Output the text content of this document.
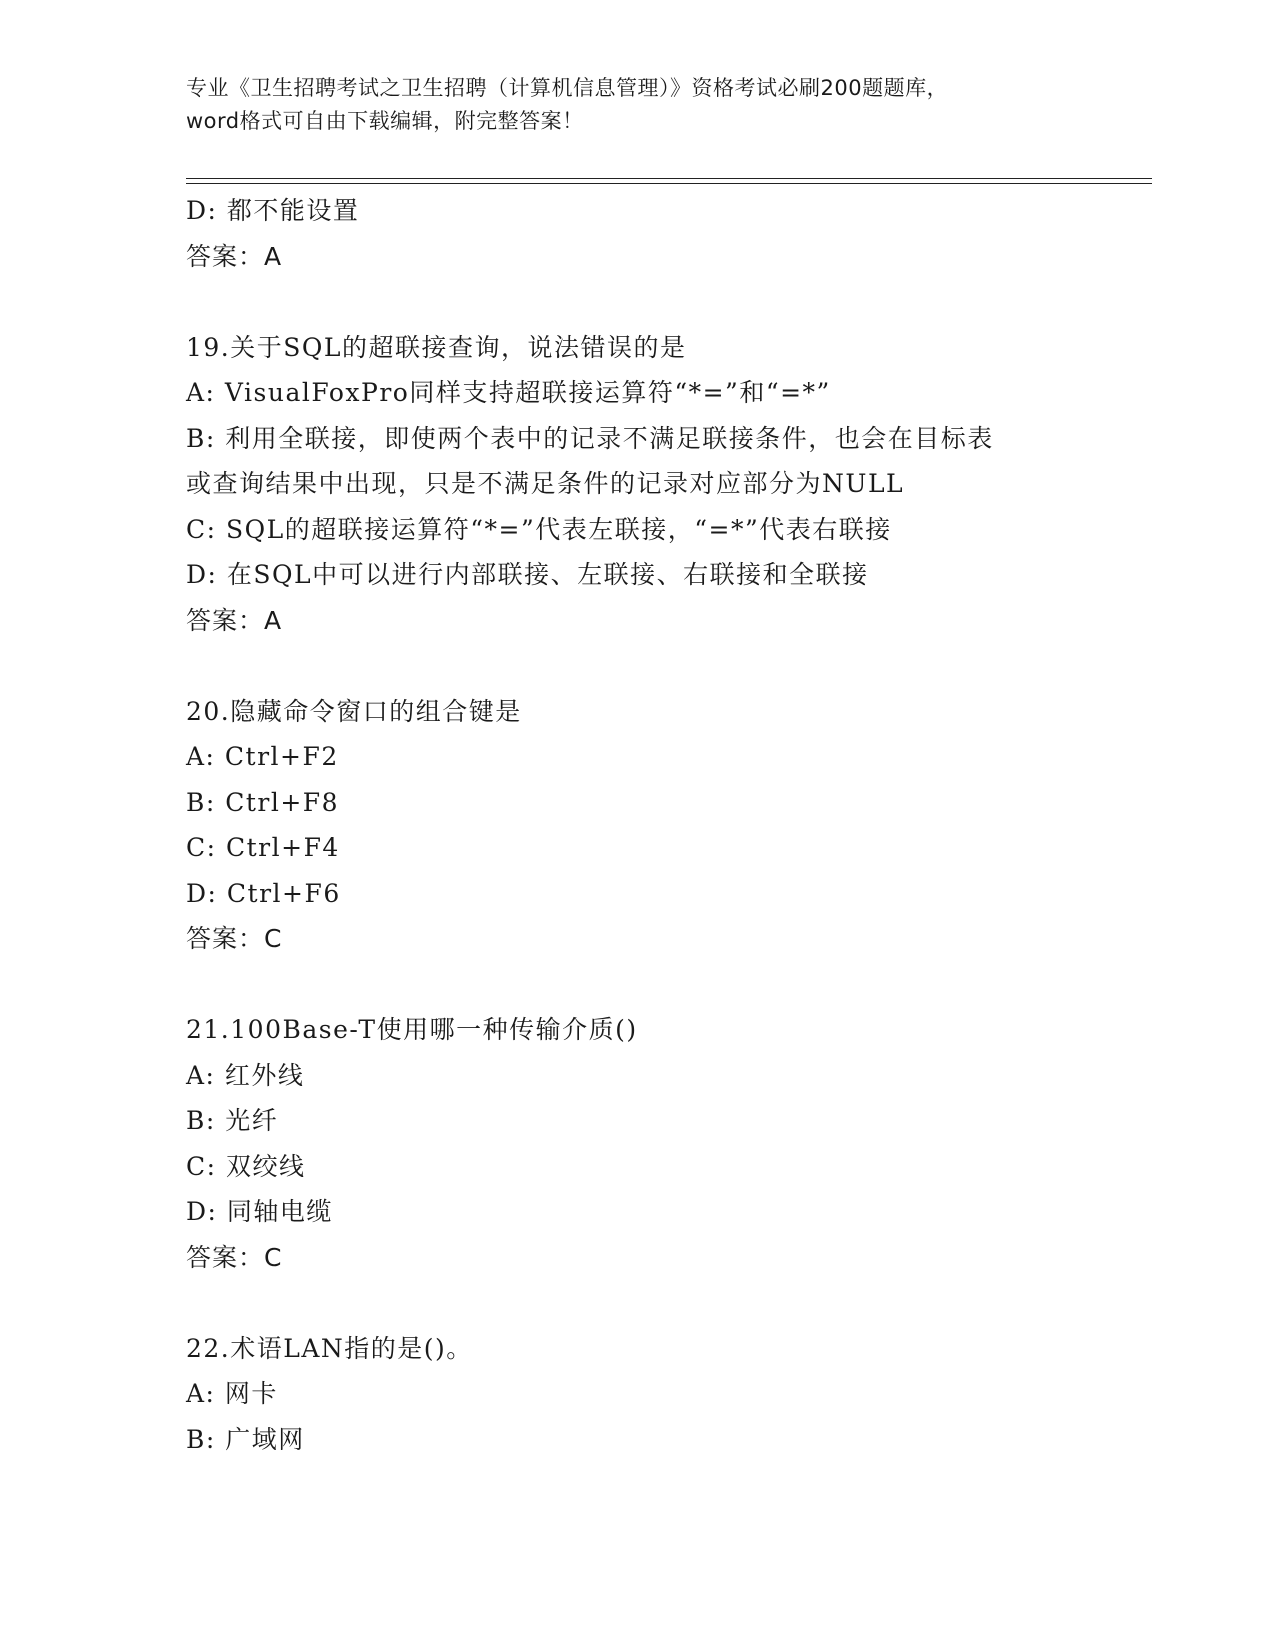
专业《卫生招聘考试之卫生招聘（计算机信息管理）》资格考试必刷200题题库，
word格式可自由下载编辑，附完整答案！
D: 都不能设置
答案：A
19.关于SQL的超联接查询，说法错误的是
A: VisualFoxPro同样支持超联接运算符“*=”和“=*”
B: 利用全联接，即使两个表中的记录不满足联接条件，也会在目标表
或查询结果中出现，只是不满足条件的记录对应部分为NULL
C: SQL的超联接运算符“*=”代表左联接，“=*”代表右联接
D: 在SQL中可以进行内部联接、左联接、右联接和全联接
答案：A
20.隐藏命令窗口的组合键是
A: Ctrl+F2
B: Ctrl+F8
C: Ctrl+F4
D: Ctrl+F6
答案：C
21.100Base-T使用哪一种传输介质()
A: 红外线
B: 光纤
C: 双绞线
D: 同轴电缆
答案：C
22.术语LAN指的是()。
A: 网卡
B: 广域网
